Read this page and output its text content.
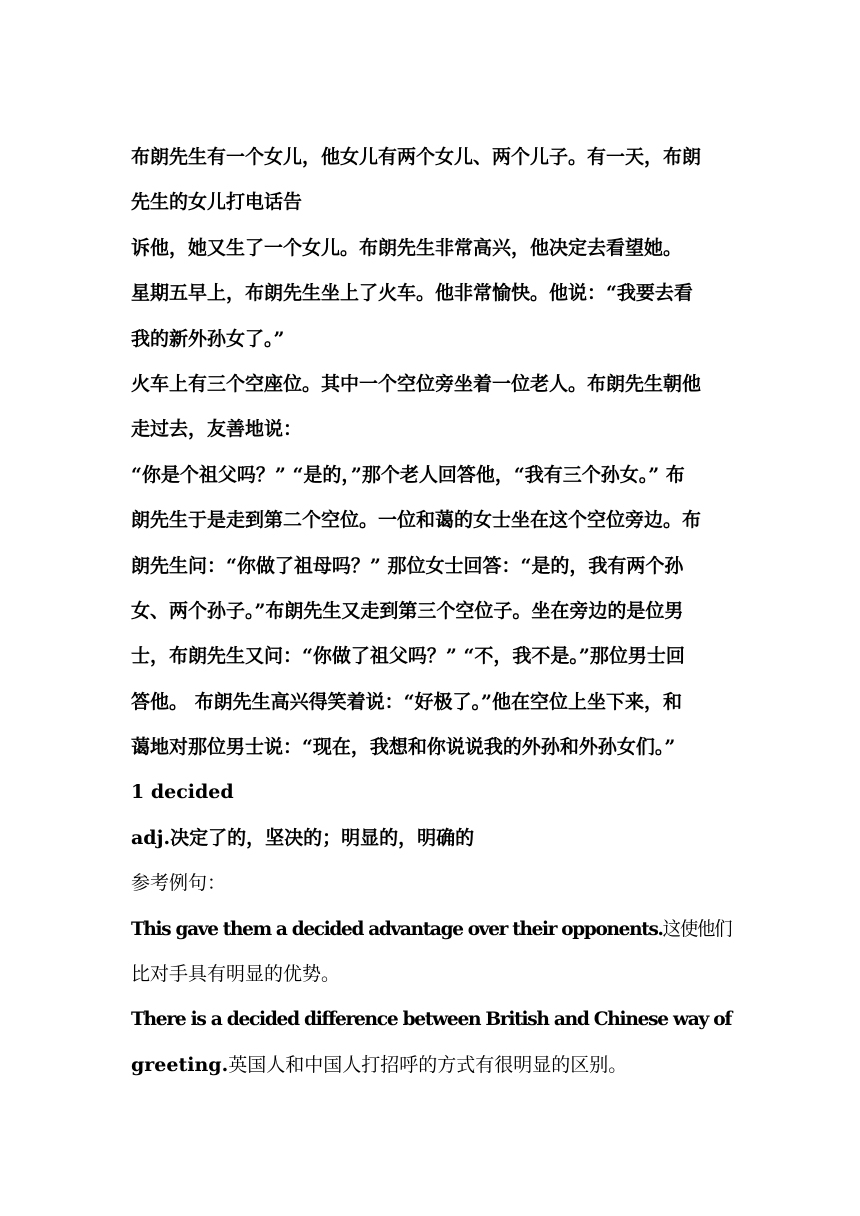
布朗先生有一个女儿，他女儿有两个女儿、两个儿子。有一天，布朗
先生的女儿打电话告
诉他，她又生了一个女儿。布朗先生非常高兴，他决定去看望她。
星期五早上，布朗先生坐上了火车。他非常愉快。他说：“我要去看
我的新外孙女了。”
火车上有三个空座位。其中一个空位旁坐着一位老人。布朗先生朝他
走过去，友善地说：
“你是个祖父吗？” “是的，”那个老人回答他，“我有三个孙女。” 布
朗先生于是走到第二个空位。一位和蔼的女士坐在这个空位旁边。布
朗先生问：“你做了祖母吗？” 那位女士回答：“是的，我有两个孙
女、两个孙子。”布朗先生又走到第三个空位子。坐在旁边的是位男
士，布朗先生又问：“你做了祖父吗？” “不，我不是。”那位男士回
答他。 布朗先生高兴得笑着说：“好极了。”他在空位上坐下来，和
蔼地对那位男士说：“现在，我想和你说说我的外孙和外孙女们。”
1 decided
adj.决定了的，坚决的；明显的，明确的
参考例句：
This gave them a decided advantage over their opponents.这使他们
比对手具有明显的优势。
There is a decided difference between British and Chinese way of
greeting.英国人和中国人打招呼的方式有很明显的区别。
